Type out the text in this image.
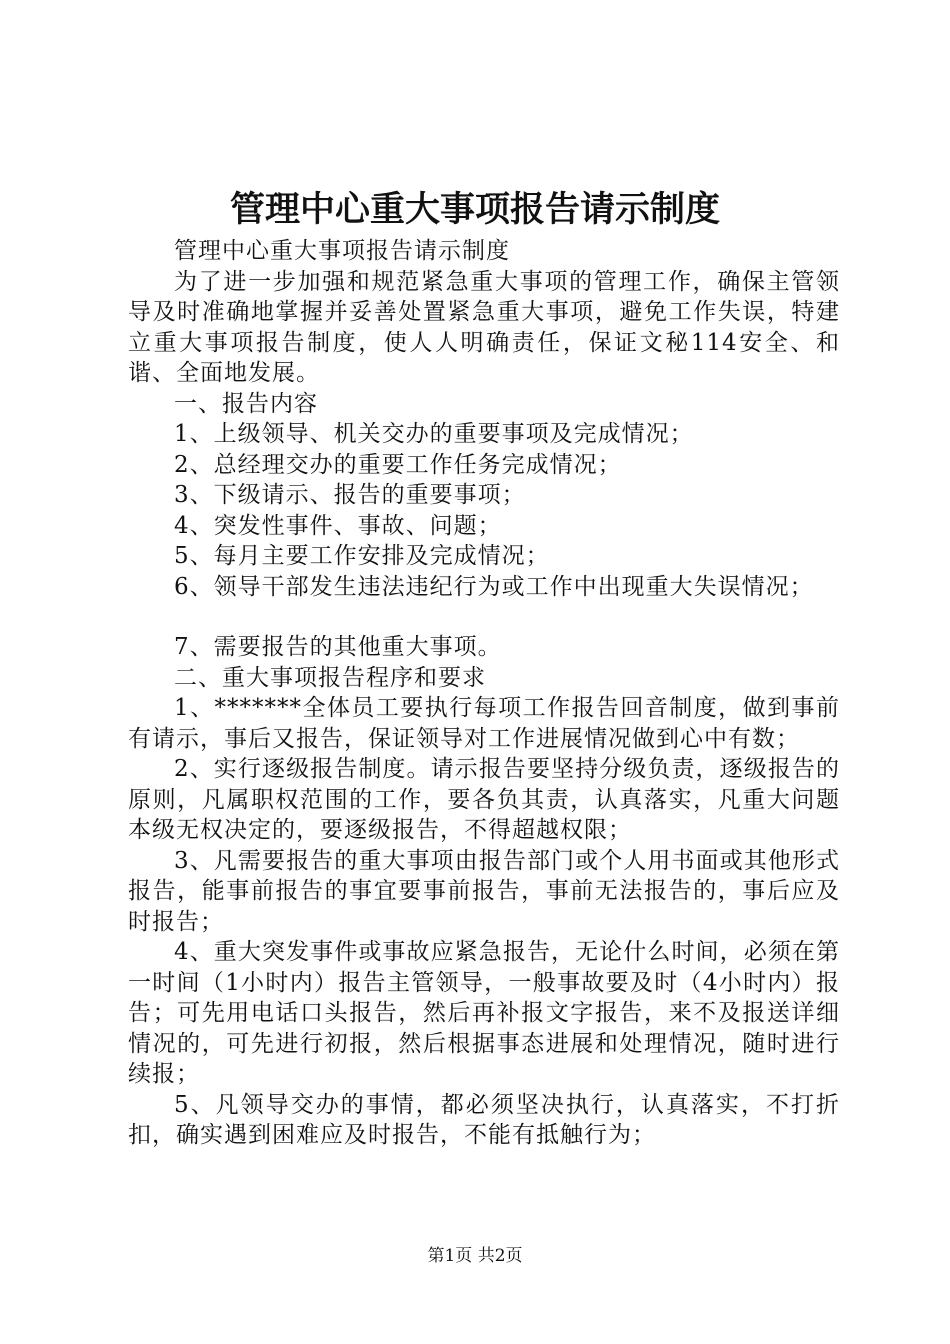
管理中心重大事项报告请示制度

管理中心重大事项报告请示制度

为了进一步加强和规范紧急重大事项的管理工作，确保主管领导及时准确地掌握并妥善处置紧急重大事项，避免工作失误，特建立重大事项报告制度，使人人明确责任，保证文秘114安全、和谐、全面地发展。

一、报告内容

1、上级领导、机关交办的重要事项及完成情况；

2、总经理交办的重要工作任务完成情况；

3、下级请示、报告的重要事项；

4、突发性事件、事故、问题；

5、每月主要工作安排及完成情况；

6、领导干部发生违法违纪行为或工作中出现重大失误情况；

7、需要报告的其他重大事项。

二、重大事项报告程序和要求

1、*******全体员工要执行每项工作报告回音制度，做到事前有请示，事后又报告，保证领导对工作进展情况做到心中有数；

2、实行逐级报告制度。请示报告要坚持分级负责，逐级报告的原则，凡属职权范围的工作，要各负其责，认真落实，凡重大问题本级无权决定的，要逐级报告，不得超越权限；

3、凡需要报告的重大事项由报告部门或个人用书面或其他形式报告，能事前报告的事宜要事前报告，事前无法报告的，事后应及时报告；

4、重大突发事件或事故应紧急报告，无论什么时间，必须在第一时间（1小时内）报告主管领导，一般事故要及时（4小时内）报告；可先用电话口头报告，然后再补报文字报告，来不及报送详细情况的，可先进行初报，然后根据事态进展和处理情况，随时进行续报；

5、凡领导交办的事情，都必须坚决执行，认真落实，不打折扣，确实遇到困难应及时报告，不能有抵触行为；

第1页 共2页
